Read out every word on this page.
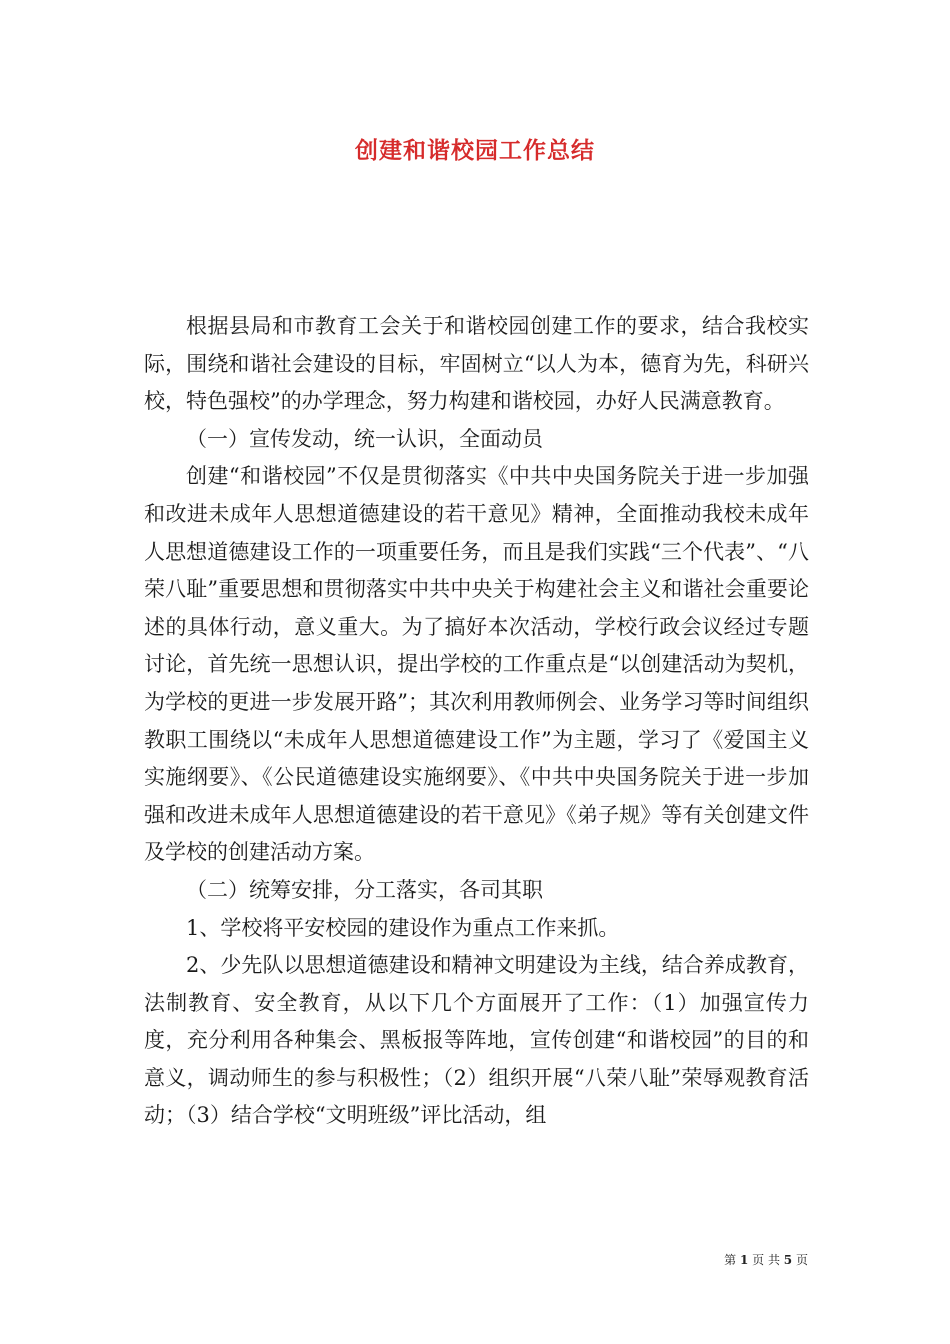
创建和谐校园工作总结

根据县局和市教育工会关于和谐校园创建工作的要求，结合我校实际，围绕和谐社会建设的目标，牢固树立“以人为本，德育为先，科研兴校，特色强校”的办学理念，努力构建和谐校园，办好人民满意教育。

（一）宣传发动，统一认识，全面动员

创建“和谐校园”不仅是贯彻落实《中共中央国务院关于进一步加强和改进未成年人思想道德建设的若干意见》精神，全面推动我校未成年人思想道德建设工作的一项重要任务，而且是我们实践“三个代表”、“八荣八耻”重要思想和贯彻落实中共中央关于构建社会主义和谐社会重要论述的具体行动，意义重大。为了搞好本次活动，学校行政会议经过专题讨论，首先统一思想认识，提出学校的工作重点是“以创建活动为契机，为学校的更进一步发展开路”；其次利用教师例会、业务学习等时间组织教职工围绕以“未成年人思想道德建设工作”为主题，学习了《爱国主义实施纲要》、《公民道德建设实施纲要》、《中共中央国务院关于进一步加强和改进未成年人思想道德建设的若干意见》《弟子规》等有关创建文件及学校的创建活动方案。

（二）统筹安排，分工落实，各司其职

1、学校将平安校园的建设作为重点工作来抓。

2、少先队以思想道德建设和精神文明建设为主线，结合养成教育，法制教育、安全教育，从以下几个方面展开了工作：（1）加强宣传力度，充分利用各种集会、黑板报等阵地，宣传创建“和谐校园”的目的和意义，调动师生的参与积极性；（2）组织开展“八荣八耻”荣辱观教育活动；（3）结合学校“文明班级”评比活动，组

第 1 页 共 5 页
